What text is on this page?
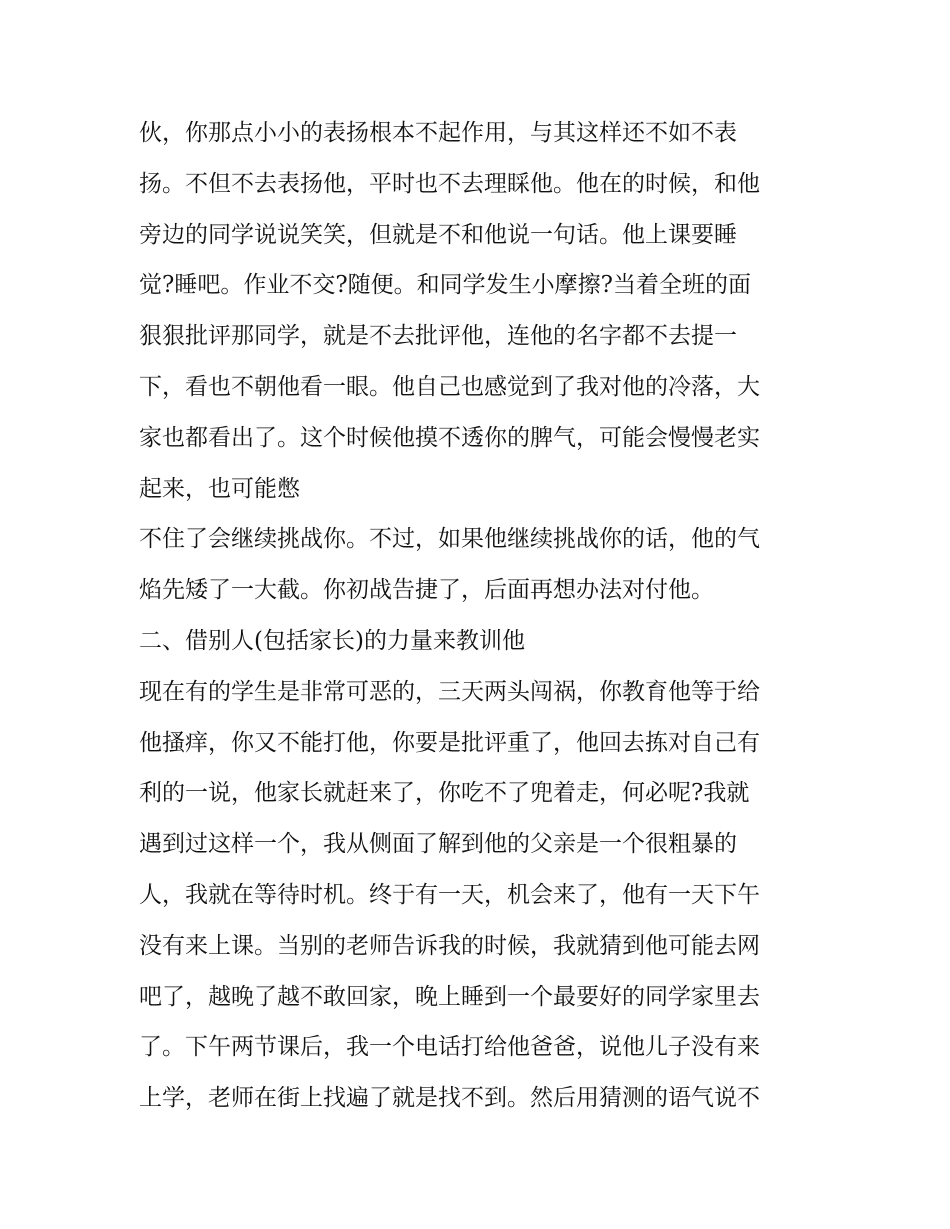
伙，你那点小小的表扬根本不起作用，与其这样还不如不表
扬。不但不去表扬他，平时也不去理睬他。他在的时候，和他
旁边的同学说说笑笑，但就是不和他说一句话。他上课要睡
觉?睡吧。作业不交?随便。和同学发生小摩擦?当着全班的面
狠狠批评那同学，就是不去批评他，连他的名字都不去提一
下，看也不朝他看一眼。他自己也感觉到了我对他的冷落，大
家也都看出了。这个时候他摸不透你的脾气，可能会慢慢老实
起来，也可能憋
不住了会继续挑战你。不过，如果他继续挑战你的话，他的气
焰先矮了一大截。你初战告捷了，后面再想办法对付他。
二、借别人(包括家长)的力量来教训他
现在有的学生是非常可恶的，三天两头闯祸，你教育他等于给
他搔痒，你又不能打他，你要是批评重了，他回去拣对自己有
利的一说，他家长就赶来了，你吃不了兜着走，何必呢?我就
遇到过这样一个，我从侧面了解到他的父亲是一个很粗暴的
人，我就在等待时机。终于有一天，机会来了，他有一天下午
没有来上课。当别的老师告诉我的时候，我就猜到他可能去网
吧了，越晚了越不敢回家，晚上睡到一个最要好的同学家里去
了。下午两节课后，我一个电话打给他爸爸，说他儿子没有来
上学，老师在街上找遍了就是找不到。然后用猜测的语气说不
